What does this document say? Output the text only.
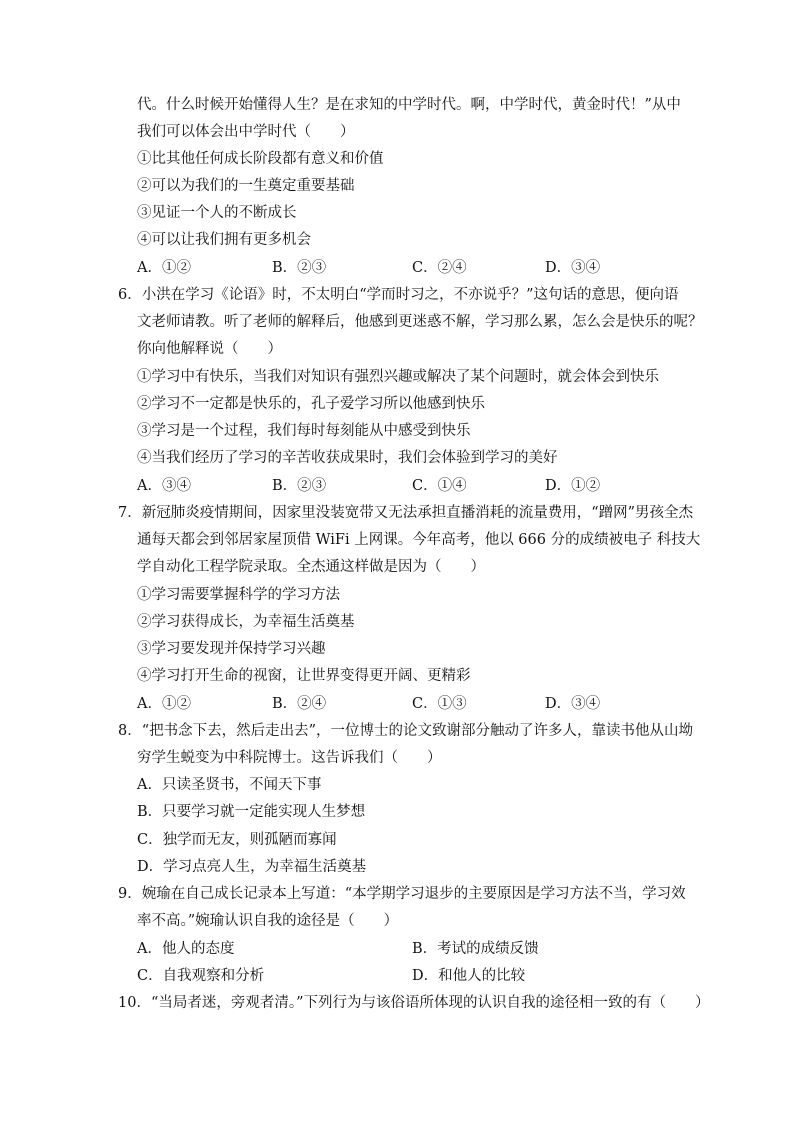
代。什么时候开始懂得人生？是在求知的中学时代。啊，中学时代，黄金时代！”从中
我们可以体会出中学时代（　　）
①比其他任何成长阶段都有意义和价值
②可以为我们的一生奠定重要基础
③见证一个人的不断成长
④可以让我们拥有更多机会
A．①②	B．②③	C．②④	D．③④
6．小洪在学习《论语》时，不太明白“学而时习之，不亦说乎？”这句话的意思，便向语
文老师请教。听了老师的解释后，他感到更迷惑不解，学习那么累，怎么会是快乐的呢？
你向他解释说（　　）
①学习中有快乐，当我们对知识有强烈兴趣或解决了某个问题时，就会体会到快乐
②学习不一定都是快乐的，孔子爱学习所以他感到快乐
③学习是一个过程，我们每时每刻能从中感受到快乐
④当我们经历了学习的辛苦收获成果时，我们会体验到学习的美好
A．③④	B．②③	C．①④	D．①②
7．新冠肺炎疫情期间，因家里没装宽带又无法承担直播消耗的流量费用，“蹭网”男孩全杰
通每天都会到邻居家屋顶借 WiFi 上网课。今年高考，他以 666 分的成绩被电子 科技大
学自动化工程学院录取。全杰通这样做是因为（　　）
①学习需要掌握科学的学习方法
②学习获得成长，为幸福生活奠基
③学习要发现并保持学习兴趣
④学习打开生命的视窗，让世界变得更开阔、更精彩
A．①②	B．②④	C．①③	D．③④
8．“把书念下去，然后走出去”，一位博士的论文致谢部分触动了许多人，靠读书他从山坳
穷学生蜕变为中科院博士。这告诉我们（　　）
A．只读圣贤书，不闻天下事
B．只要学习就一定能实现人生梦想
C．独学而无友，则孤陋而寡闻
D．学习点亮人生，为幸福生活奠基
9．婉瑜在自己成长记录本上写道：“本学期学习退步的主要原因是学习方法不当，学习效
率不高。”婉瑜认识自我的途径是（　　）
A．他人的态度	B．考试的成绩反馈
C．自我观察和分析	D．和他人的比较
10．“当局者迷，旁观者清。”下列行为与该俗语所体现的认识自我的途径相一致的有（　　）
